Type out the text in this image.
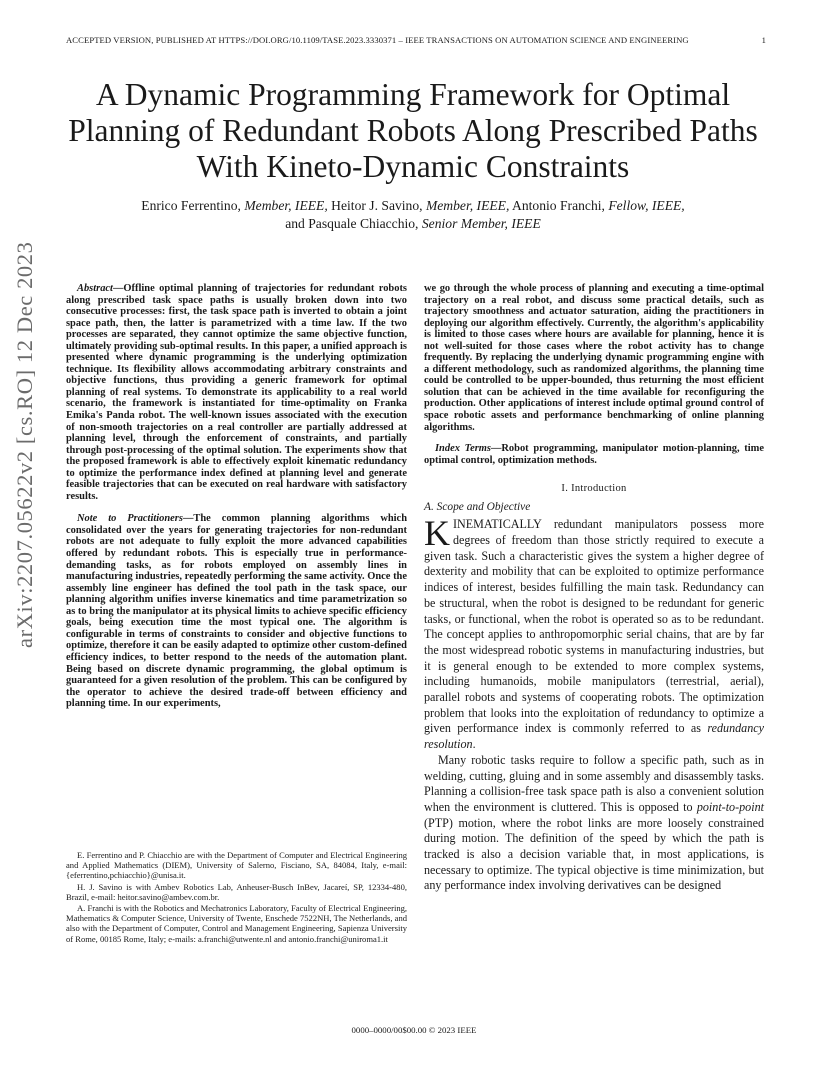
ACCEPTED VERSION, PUBLISHED AT HTTPS://DOI.ORG/10.1109/TASE.2023.3330371 – IEEE TRANSACTIONS ON AUTOMATION SCIENCE AND ENGINEERING	1
arXiv:2207.05622v2 [cs.RO] 12 Dec 2023
A Dynamic Programming Framework for Optimal Planning of Redundant Robots Along Prescribed Paths With Kineto-Dynamic Constraints
Enrico Ferrentino, Member, IEEE, Heitor J. Savino, Member, IEEE, Antonio Franchi, Fellow, IEEE,
and Pasquale Chiacchio, Senior Member, IEEE

Abstract—Offline optimal planning of trajectories for redundant robots along prescribed task space paths is usually broken down into two consecutive processes: first, the task space path is inverted to obtain a joint space path, then, the latter is parametrized with a time law. If the two processes are separated, they cannot optimize the same objective function, ultimately providing sub-optimal results. In this paper, a unified approach is presented where dynamic programming is the underlying optimization technique. Its flexibility allows accommodating arbitrary constraints and objective functions, thus providing a generic framework for optimal planning of real systems. To demonstrate its applicability to a real world scenario, the framework is instantiated for time-optimality on Franka Emika's Panda robot. The well-known issues associated with the execution of non-smooth trajectories on a real controller are partially addressed at planning level, through the enforcement of constraints, and partially through post-processing of the optimal solution. The experiments show that the proposed framework is able to effectively exploit kinematic redundancy to optimize the performance index defined at planning level and generate feasible trajectories that can be executed on real hardware with satisfactory results.

Note to Practitioners—The common planning algorithms which consolidated over the years for generating trajectories for non-redundant robots are not adequate to fully exploit the more advanced capabilities offered by redundant robots. This is especially true in performance-demanding tasks, as for robots employed on assembly lines in manufacturing industries, repeatedly performing the same activity. Once the assembly line engineer has defined the tool path in the task space, our planning algorithm unifies inverse kinematics and time parametrization so as to bring the manipulator at its physical limits to achieve specific efficiency goals, being execution time the most typical one. The algorithm is configurable in terms of constraints to consider and objective functions to optimize, therefore it can be easily adapted to optimize other custom-defined efficiency indices, to better respond to the needs of the automation plant. Being based on discrete dynamic programming, the global optimum is guaranteed for a given resolution of the problem. This can be configured by the operator to achieve the desired trade-off between efficiency and planning time. In our experiments,

E. Ferrentino and P. Chiacchio are with the Department of Computer and Electrical Engineering and Applied Mathematics (DIEM), University of Salerno, Fisciano, SA, 84084, Italy, e-mail: {eferrentino,pchiacchio}@unisa.it.

H. J. Savino is with Ambev Robotics Lab, Anheuser-Busch InBev, Jacareí, SP, 12334-480, Brazil, e-mail: heitor.savino@ambev.com.br.

A. Franchi is with the Robotics and Mechatronics Laboratory, Faculty of Electrical Engineering, Mathematics & Computer Science, University of Twente, Enschede 7522NH, The Netherlands, and also with the Department of Computer, Control and Management Engineering, Sapienza University of Rome, 00185 Rome, Italy; e-mails: a.franchi@utwente.nl and antonio.franchi@uniroma1.it

we go through the whole process of planning and executing a time-optimal trajectory on a real robot, and discuss some practical details, such as trajectory smoothness and actuator saturation, aiding the practitioners in deploying our algorithm effectively. Currently, the algorithm's applicability is limited to those cases where hours are available for planning, hence it is not well-suited for those cases where the robot activity has to change frequently. By replacing the underlying dynamic programming engine with a different methodology, such as randomized algorithms, the planning time could be controlled to be upper-bounded, thus returning the most efficient solution that can be achieved in the time available for reconfiguring the production. Other applications of interest include optimal ground control of space robotic assets and performance benchmarking of online planning algorithms.
Index Terms—Robot programming, manipulator motion-planning, time optimal control, optimization methods.
I. Introduction
A. Scope and Objective

KINEMATICALLY redundant manipulators possess more degrees of freedom than those strictly required to execute a given task. Such a characteristic gives the system a higher degree of dexterity and mobility that can be exploited to optimize performance indices of interest, besides fulfilling the main task. Redundancy can be structural, when the robot is designed to be redundant for generic tasks, or functional, when the robot is operated so as to be redundant. The concept applies to anthropomorphic serial chains, that are by far the most widespread robotic systems in manufacturing industries, but it is general enough to be extended to more complex systems, including humanoids, mobile manipulators (terrestrial, aerial), parallel robots and systems of cooperating robots. The optimization problem that looks into the exploitation of redundancy to optimize a given performance index is commonly referred to as redundancy resolution.

Many robotic tasks require to follow a specific path, such as in welding, cutting, gluing and in some assembly and disassembly tasks. Planning a collision-free task space path is also a convenient solution when the environment is cluttered. This is opposed to point-to-point (PTP) motion, where the robot links are more loosely constrained during motion. The definition of the speed by which the path is tracked is also a decision variable that, in most applications, is necessary to optimize. The typical objective is time minimization, but any performance index involving derivatives can be designed

0000–0000/00$00.00 © 2023 IEEE
